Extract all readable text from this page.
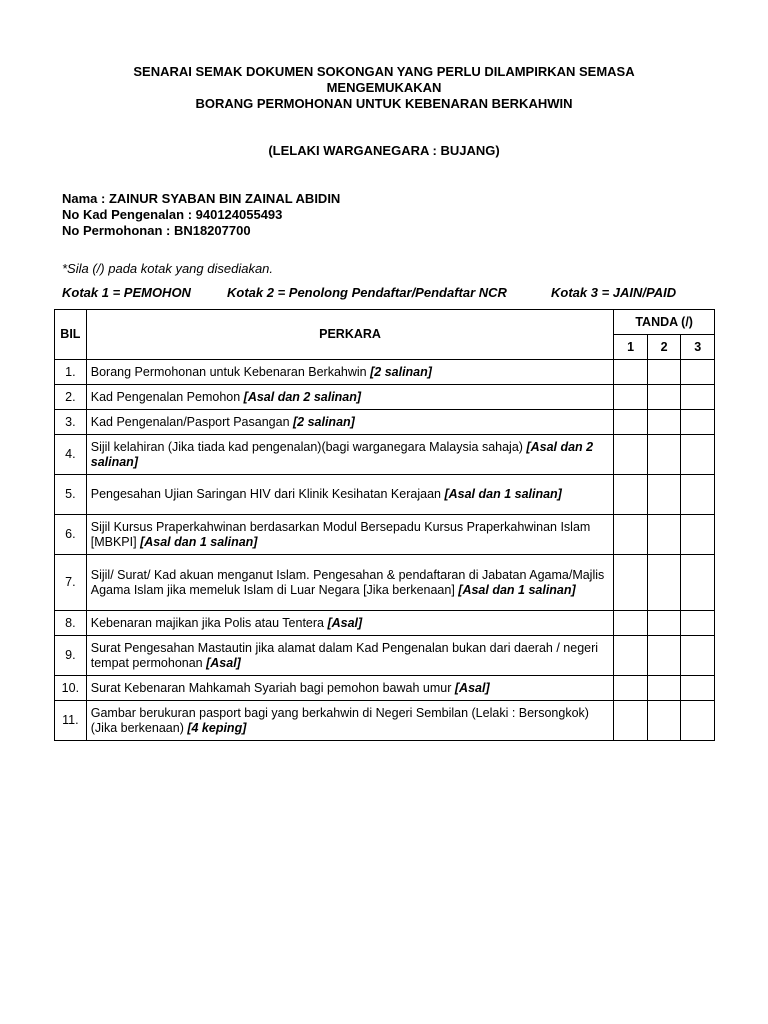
SENARAI SEMAK DOKUMEN SOKONGAN YANG PERLU DILAMPIRKAN SEMASA
MENGEMUKAKAN
BORANG PERMOHONAN UNTUK KEBENARAN BERKAHWIN
(LELAKI WARGANEGARA : BUJANG)
Nama : ZAINUR SYABAN BIN ZAINAL ABIDIN
No Kad Pengenalan : 940124055493
No Permohonan : BN18207700
*Sila (/) pada kotak yang disediakan.
Kotak 1 = PEMOHON	Kotak 2 = Penolong Pendaftar/Pendaftar NCR	Kotak 3 = JAIN/PAID
BIL	PERKARA	TANDA (/)		
		1	2	3
1.	Borang Permohonan untuk Kebenaran Berkahwin [2 salinan]			
2.	Kad Pengenalan Pemohon [Asal dan 2 salinan]			
3.	Kad Pengenalan/Pasport Pasangan [2 salinan]			
4.	Sijil kelahiran (Jika tiada kad pengenalan)(bagi warganegara Malaysia sahaja) [Asal dan 2 salinan]			
5.	Pengesahan Ujian Saringan HIV dari Klinik Kesihatan Kerajaan [Asal dan 1 salinan]			
6.	Sijil Kursus Praperkahwinan berdasarkan Modul Bersepadu Kursus Praperkahwinan Islam [MBKPI] [Asal dan 1 salinan]			
7.	Sijil/ Surat/ Kad akuan menganut Islam. Pengesahan & pendaftaran di Jabatan Agama/Majlis Agama Islam jika memeluk Islam di Luar Negara [Jika berkenaan] [Asal dan 1 salinan]			
8.	Kebenaran majikan jika Polis atau Tentera [Asal]			
9.	Surat Pengesahan Mastautin jika alamat dalam Kad Pengenalan bukan dari daerah / negeri tempat permohonan [Asal]			
10.	Surat Kebenaran Mahkamah Syariah bagi pemohon bawah umur [Asal]			
11.	Gambar berukuran pasport bagi yang berkahwin di Negeri Sembilan (Lelaki : Bersongkok) (Jika berkenaan) [4 keping]			
